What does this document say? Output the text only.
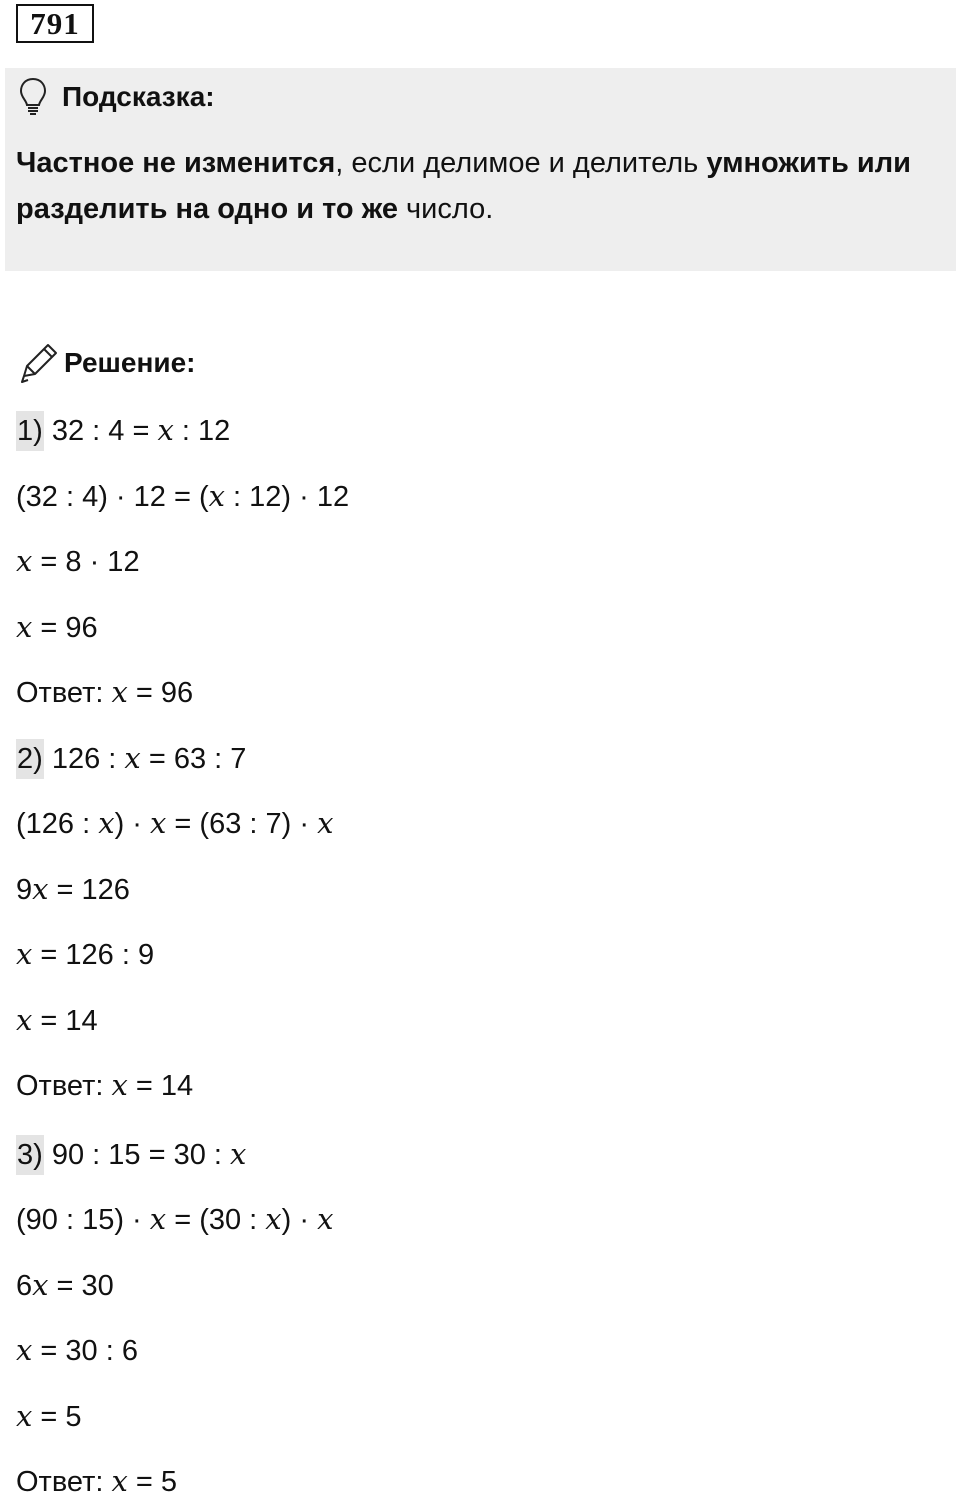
791
Подсказка:
Частное не изменится, если делимое и делитель умножить или разделить на одно и то же число.
Решение:
1) 32 : 4 = x : 12
(32 : 4) · 12 = (x : 12) · 12
x = 8 · 12
x = 96
Ответ: x = 96
2) 126 : x = 63 : 7
(126 : x) · x = (63 : 7) · x
9x = 126
x = 126 : 9
x = 14
Ответ: x = 14
3) 90 : 15 = 30 : x
(90 : 15) · x = (30 : x) · x
6x = 30
x = 30 : 6
x = 5
Ответ: x = 5
